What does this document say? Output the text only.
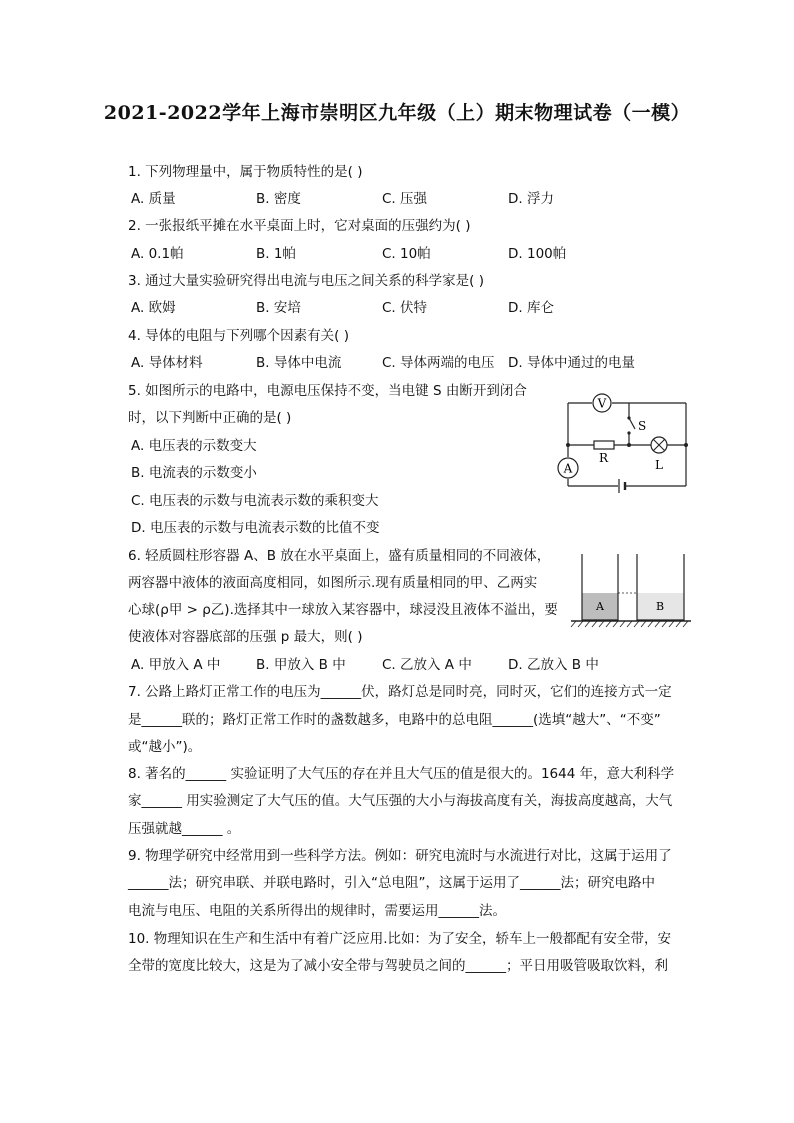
2021-2022学年上海市崇明区九年级（上）期末物理试卷（一模）
1. 下列物理量中，属于物质特性的是( )
A. 质量	B. 密度	C. 压强	D. 浮力
2. 一张报纸平摊在水平桌面上时，它对桌面的压强约为( )
A. 0.1帕	B. 1帕	C. 10帕	D. 100帕
3. 通过大量实验研究得出电流与电压之间关系的科学家是( )
A. 欧姆	B. 安培	C. 伏特	D. 库仑
4. 导体的电阻与下列哪个因素有关( )
A. 导体材料	B. 导体中电流	C. 导体两端的电压 D. 导体中通过的电量
5. 如图所示的电路中，电源电压保持不变，当电键 S 由断开到闭合
时，以下判断中正确的是( )
A. 电压表的示数变大
B. 电流表的示数变小
C. 电压表的示数与电流表示数的乘积变大
D. 电压表的示数与电流表示数的比值不变
V
A
R	L
S
6. 轻质圆柱形容器 A、B 放在水平桌面上，盛有质量相同的不同液体，
两容器中液体的液面高度相同，如图所示.现有质量相同的甲、乙两实
心球(ρ甲 > ρ乙).选择其中一球放入某容器中，球浸没且液体不溢出，要
使液体对容器底部的压强 p 最大，则( )
A. 甲放入 A 中	B. 甲放入 B 中	C. 乙放入 A 中	D. 乙放入 B 中
A	B
7. 公路上路灯正常工作的电压为______伏，路灯总是同时亮，同时灭，它们的连接方式一定
是______联的；路灯正常工作时的盏数越多，电路中的总电阻______(选填“越大”、“不变”
或“越小”)。
8. 著名的______ 实验证明了大气压的存在并且大气压的值是很大的。1644 年，意大利科学
家______ 用实验测定了大气压的值。大气压强的大小与海拔高度有关，海拔高度越高，大气
压强就越______ 。
9. 物理学研究中经常用到一些科学方法。例如：研究电流时与水流进行对比，这属于运用了
______法；研究串联、并联电路时，引入“总电阻”，这属于运用了______法；研究电路中
电流与电压、电阻的关系所得出的规律时，需要运用______法。
10. 物理知识在生产和生活中有着广泛应用.比如：为了安全，轿车上一般都配有安全带，安
全带的宽度比较大，这是为了减小安全带与驾驶员之间的______；平日用吸管吸取饮料，利
